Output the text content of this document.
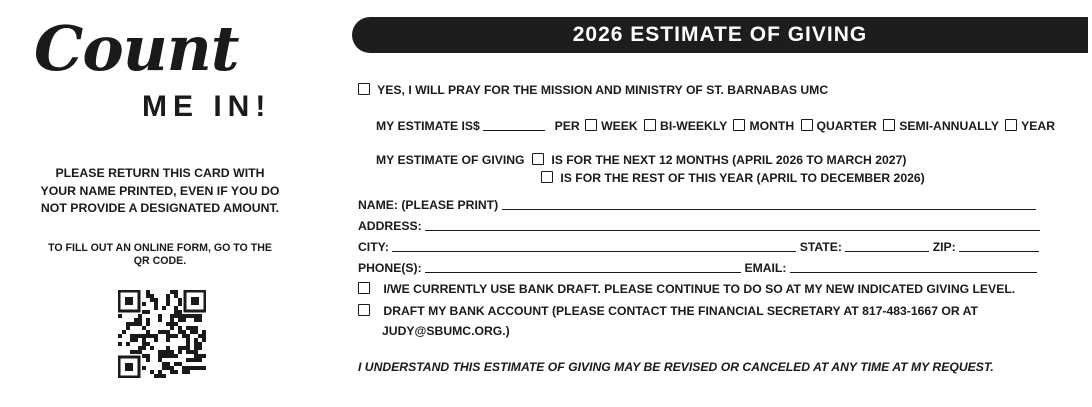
Count
ME IN!
PLEASE RETURN THIS CARD WITH YOUR NAME PRINTED, EVEN IF YOU DO NOT PROVIDE A DESIGNATED AMOUNT.
TO FILL OUT AN ONLINE FORM, GO TO THE QR CODE.
2026 ESTIMATE OF GIVING
YES, I WILL PRAY FOR THE MISSION AND MINISTRY OF ST. BARNABAS UMC
MY ESTIMATE IS$	PER WEEK BI-WEEKLY MONTH QUARTER SEMI-ANNUALLY YEAR
MY ESTIMATE OF GIVING IS FOR THE NEXT 12 MONTHS (APRIL 2026 TO MARCH 2027)
IS FOR THE REST OF THIS YEAR (APRIL TO DECEMBER 2026)
NAME: (PLEASE PRINT)
ADDRESS:
CITY:	STATE:	ZIP:
PHONE(S):	EMAIL:
I/WE CURRENTLY USE BANK DRAFT. PLEASE CONTINUE TO DO SO AT MY NEW INDICATED GIVING LEVEL.
DRAFT MY BANK ACCOUNT (PLEASE CONTACT THE FINANCIAL SECRETARY AT 817-483-1667 OR AT
JUDY@SBUMC.ORG.)
I UNDERSTAND THIS ESTIMATE OF GIVING MAY BE REVISED OR CANCELED AT ANY TIME AT MY REQUEST.
